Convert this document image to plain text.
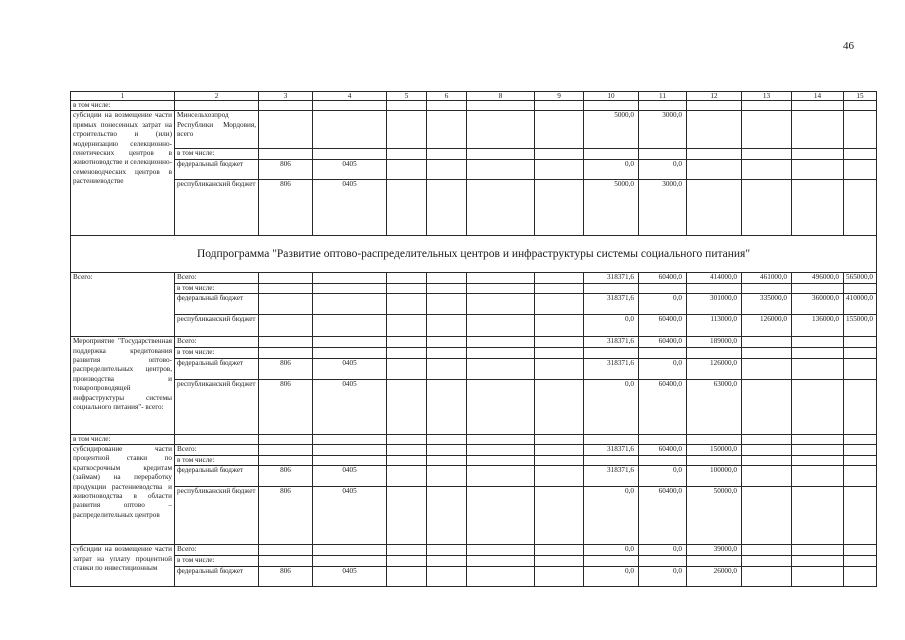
46
1	2	3	4	5	6	8	9	10	11	12	13	14	15
в том числе:													
субсидии на возмещение части прямых понесенных затрат на строительство и (или) модернизацию селекционно-генетических центров в животноводстве и селекционно-семеноводческих центров в растениеводстве	Минсельхозпрод Республики Мордовия, всего							5000,0	3000,0				
	в том числе:												
	федеральный бюджет	806	0405					0,0	0,0				
	республиканский бюджет	806	0405					5000,0	3000,0				
Подпрограмма "Развитие оптово-распределительных центров и инфраструктуры системы социального питания"													
Всего:	Всего:							318371,6	60400,0	414000,0	461000,0	496000,0	565000,0
	в том числе:												
	федеральный бюджет							318371,6	0,0	301000,0	335000,0	360000,0	410000,0
	республиканский бюджет							0,0	60400,0	113000,0	126000,0	136000,0	155000,0
Мероприятие "Государственная поддержка кредитования развития оптово-распределительных центров, производства и товаропроводящей инфраструктуры системы социального питания"- всего:	Всего:							318371,6	60400,0	189000,0			
	в том числе:												
	федеральный бюджет	806	0405					318371,6	0,0	126000,0			
	республиканский бюджет	806	0405					0,0	60400,0	63000,0			
в том числе:													
субсидирование части процентной ставки по краткосрочным кредитам (займам) на переработку продукции растениеводства и животноводства в области развития оптово – распределительных центров	Всего:							318371,6	60400,0	150000,0			
	в том числе:												
	федеральный бюджет	806	0405					318371,6	0,0	100000,0			
	республиканский бюджет	806	0405					0,0	60400,0	50000,0			
субсидии на возмещение части затрат на уплату процентной ставки по инвестиционным	Всего:							0,0	0,0	39000,0			
	в том числе:												
	федеральный бюджет	806	0405					0,0	0,0	26000,0			
